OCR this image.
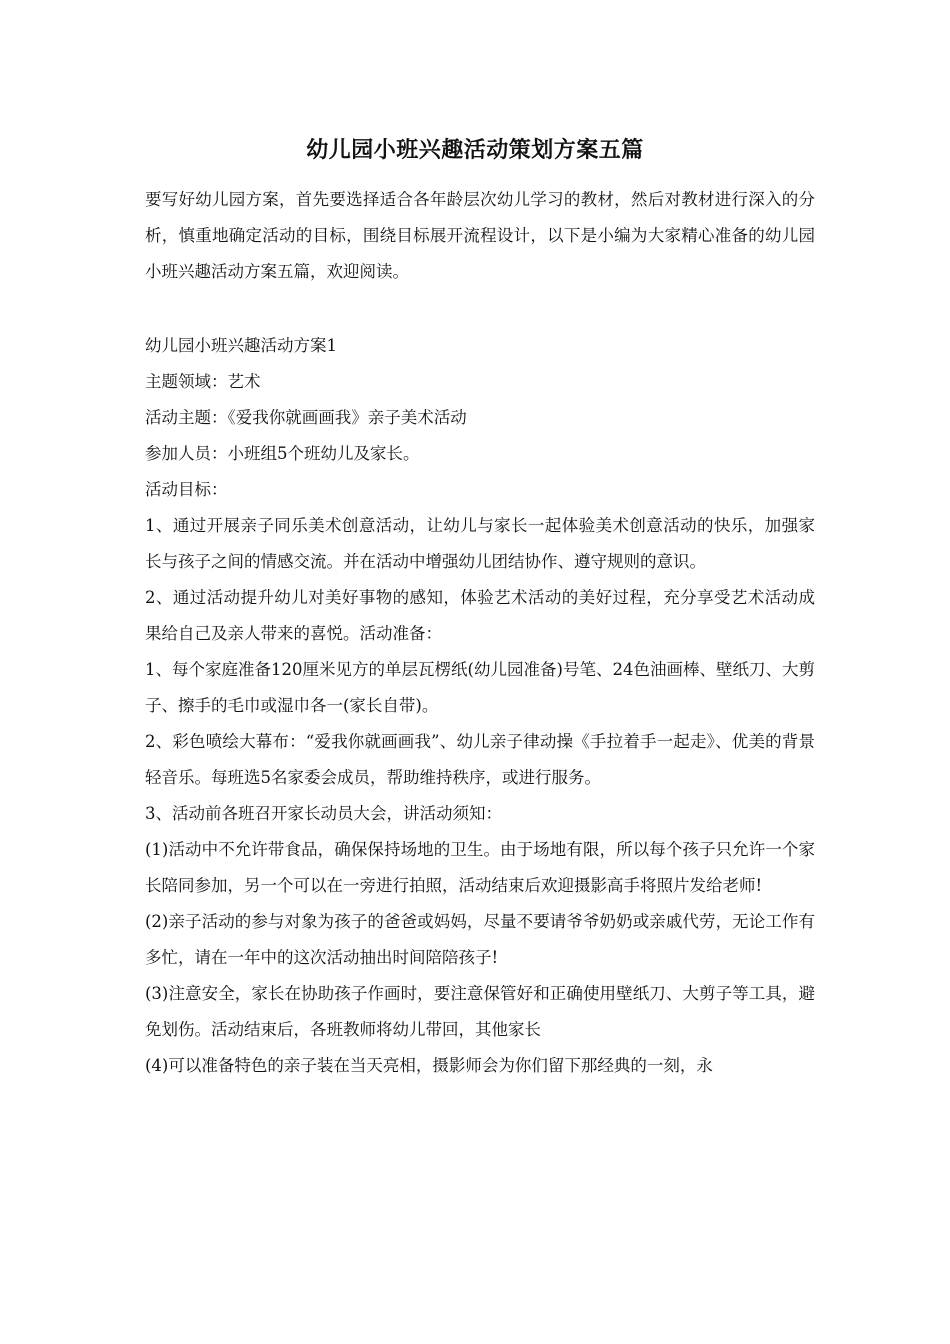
幼儿园小班兴趣活动策划方案五篇

要写好幼儿园方案，首先要选择适合各年龄层次幼儿学习的教材，然后对教材进行深入的分析，慎重地确定活动的目标，围绕目标展开流程设计，以下是小编为大家精心准备的幼儿园小班兴趣活动方案五篇，欢迎阅读。

幼儿园小班兴趣活动方案1

主题领域：艺术

活动主题：《爱我你就画画我》亲子美术活动

参加人员：小班组5个班幼儿及家长。

活动目标：

1、通过开展亲子同乐美术创意活动，让幼儿与家长一起体验美术创意活动的快乐，加强家长与孩子之间的情感交流。并在活动中增强幼儿团结协作、遵守规则的意识。

2、通过活动提升幼儿对美好事物的感知，体验艺术活动的美好过程，充分享受艺术活动成果给自己及亲人带来的喜悦。活动准备：

1、每个家庭准备120厘米见方的单层瓦楞纸(幼儿园准备)号笔、24色油画棒、壁纸刀、大剪子、擦手的毛巾或湿巾各一(家长自带)。

2、彩色喷绘大幕布：“爱我你就画画我”、幼儿亲子律动操《手拉着手一起走》、优美的背景轻音乐。每班选5名家委会成员，帮助维持秩序，或进行服务。

3、活动前各班召开家长动员大会，讲活动须知：

(1)活动中不允许带食品，确保保持场地的卫生。由于场地有限，所以每个孩子只允许一个家长陪同参加，另一个可以在一旁进行拍照，活动结束后欢迎摄影高手将照片发给老师!

(2)亲子活动的参与对象为孩子的爸爸或妈妈，尽量不要请爷爷奶奶或亲戚代劳，无论工作有多忙，请在一年中的这次活动抽出时间陪陪孩子!

(3)注意安全，家长在协助孩子作画时，要注意保管好和正确使用壁纸刀、大剪子等工具，避免划伤。活动结束后，各班教师将幼儿带回，其他家长

(4)可以准备特色的亲子装在当天亮相，摄影师会为你们留下那经典的一刻，永
